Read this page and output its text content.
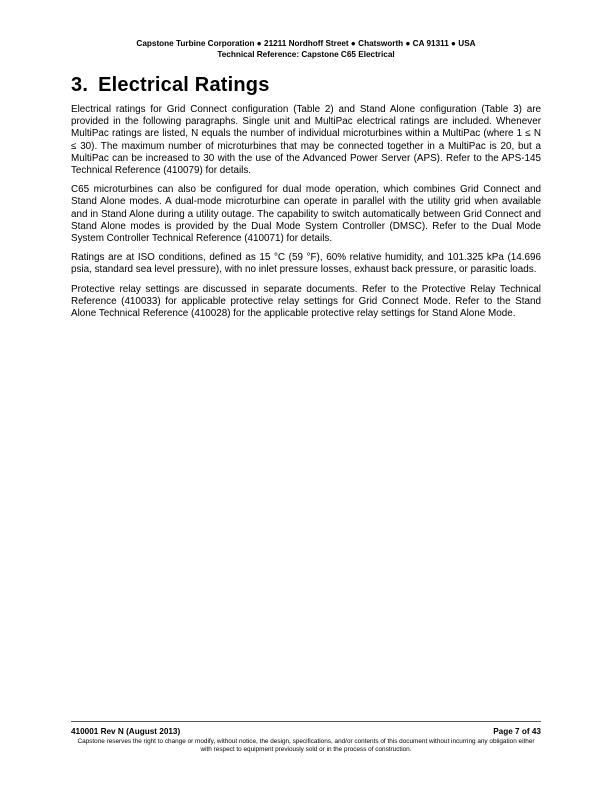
Capstone Turbine Corporation ● 21211 Nordhoff Street ● Chatsworth ● CA 91311 ● USA
Technical Reference: Capstone C65 Electrical
3. Electrical Ratings

Electrical ratings for Grid Connect configuration (Table 2) and Stand Alone configuration (Table 3) are provided in the following paragraphs. Single unit and MultiPac electrical ratings are included. Whenever MultiPac ratings are listed, N equals the number of individual microturbines within a MultiPac (where 1 ≤ N ≤ 30). The maximum number of microturbines that may be connected together in a MultiPac is 20, but a MultiPac can be increased to 30 with the use of the Advanced Power Server (APS). Refer to the APS-145 Technical Reference (410079) for details.

C65 microturbines can also be configured for dual mode operation, which combines Grid Connect and Stand Alone modes. A dual-mode microturbine can operate in parallel with the utility grid when available and in Stand Alone during a utility outage. The capability to switch automatically between Grid Connect and Stand Alone modes is provided by the Dual Mode System Controller (DMSC). Refer to the Dual Mode System Controller Technical Reference (410071) for details.

Ratings are at ISO conditions, defined as 15 °C (59 °F), 60% relative humidity, and 101.325 kPa (14.696 psia, standard sea level pressure), with no inlet pressure losses, exhaust back pressure, or parasitic loads.

Protective relay settings are discussed in separate documents. Refer to the Protective Relay Technical Reference (410033) for applicable protective relay settings for Grid Connect Mode. Refer to the Stand Alone Technical Reference (410028) for the applicable protective relay settings for Stand Alone Mode.

410001 Rev N (August 2013)	Page 7 of 43
Capstone reserves the right to change or modify, without notice, the design, specifications, and/or contents of this document without incurring any obligation either with respect to equipment previously sold or in the process of construction.
